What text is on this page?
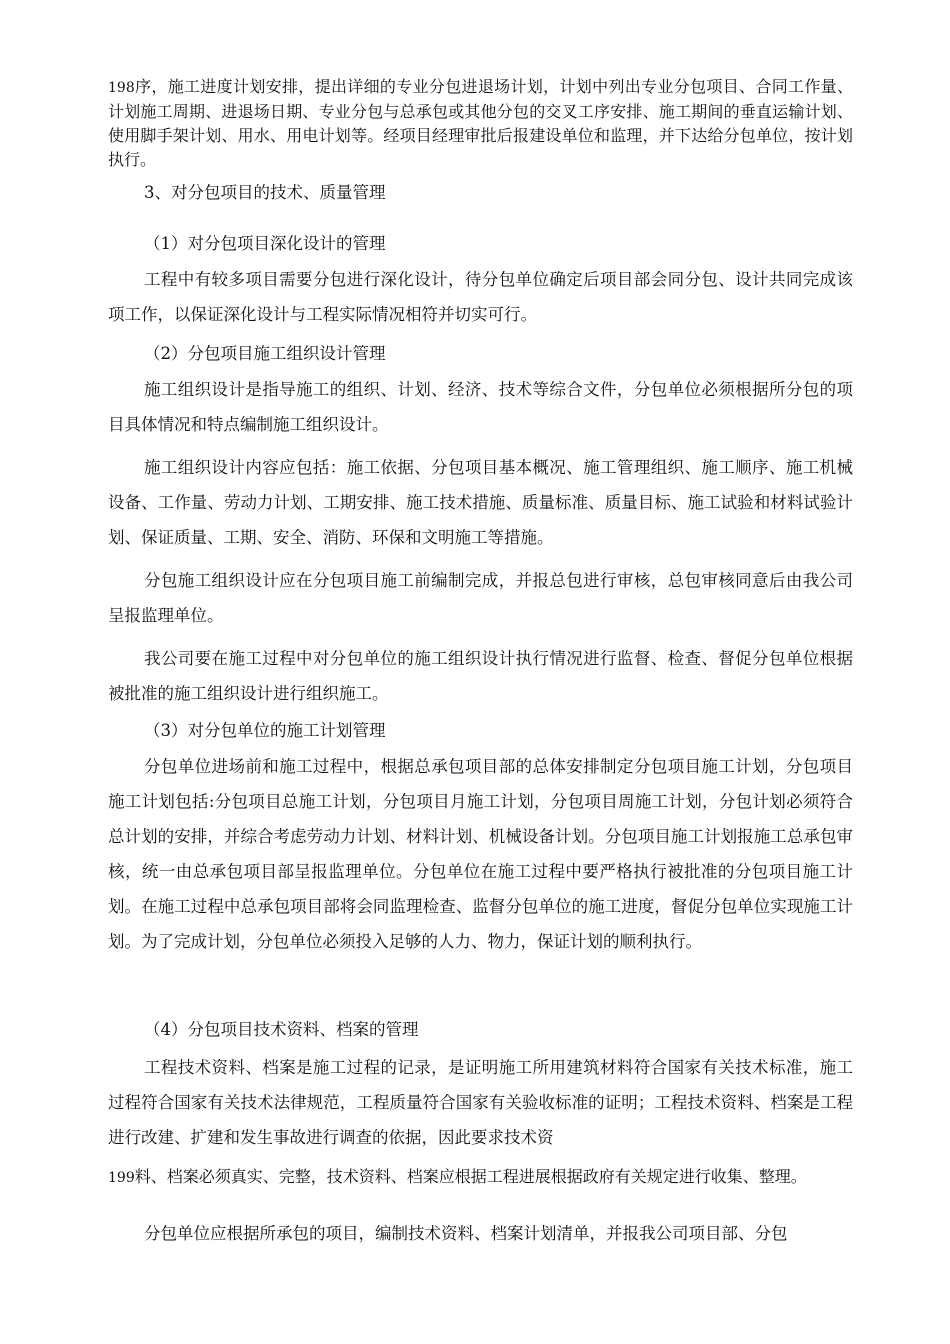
198序，施工进度计划安排，提出详细的专业分包进退场计划，计划中列出专业分包项目、合同工作量、计划施工周期、进退场日期、专业分包与总承包或其他分包的交叉工序安排、施工期间的垂直运输计划、使用脚手架计划、用水、用电计划等。经项目经理审批后报建设单位和监理，并下达给分包单位，按计划执行。

3、对分包项目的技术、质量管理

（1）对分包项目深化设计的管理

工程中有较多项目需要分包进行深化设计，待分包单位确定后项目部会同分包、设计共同完成该项工作，以保证深化设计与工程实际情况相符并切实可行。

（2）分包项目施工组织设计管理

施工组织设计是指导施工的组织、计划、经济、技术等综合文件，分包单位必须根据所分包的项目具体情况和特点编制施工组织设计。

施工组织设计内容应包括：施工依据、分包项目基本概况、施工管理组织、施工顺序、施工机械设备、工作量、劳动力计划、工期安排、施工技术措施、质量标准、质量目标、施工试验和材料试验计划、保证质量、工期、安全、消防、环保和文明施工等措施。

分包施工组织设计应在分包项目施工前编制完成，并报总包进行审核，总包审核同意后由我公司呈报监理单位。

我公司要在施工过程中对分包单位的施工组织设计执行情况进行监督、检查、督促分包单位根据被批准的施工组织设计进行组织施工。

（3）对分包单位的施工计划管理

分包单位进场前和施工过程中，根据总承包项目部的总体安排制定分包项目施工计划，分包项目施工计划包括:分包项目总施工计划，分包项目月施工计划，分包项目周施工计划，分包计划必须符合总计划的安排，并综合考虑劳动力计划、材料计划、机械设备计划。分包项目施工计划报施工总承包审核，统一由总承包项目部呈报监理单位。分包单位在施工过程中要严格执行被批准的分包项目施工计划。在施工过程中总承包项目部将会同监理检查、监督分包单位的施工进度，督促分包单位实现施工计划。为了完成计划，分包单位必须投入足够的人力、物力，保证计划的顺利执行。

（4）分包项目技术资料、档案的管理

工程技术资料、档案是施工过程的记录，是证明施工所用建筑材料符合国家有关技术标准，施工过程符合国家有关技术法律规范，工程质量符合国家有关验收标准的证明；工程技术资料、档案是工程进行改建、扩建和发生事故进行调查的依据，因此要求技术资

199料、档案必须真实、完整，技术资料、档案应根据工程进展根据政府有关规定进行收集、整理。

分包单位应根据所承包的项目，编制技术资料、档案计划清单，并报我公司项目部、分包
